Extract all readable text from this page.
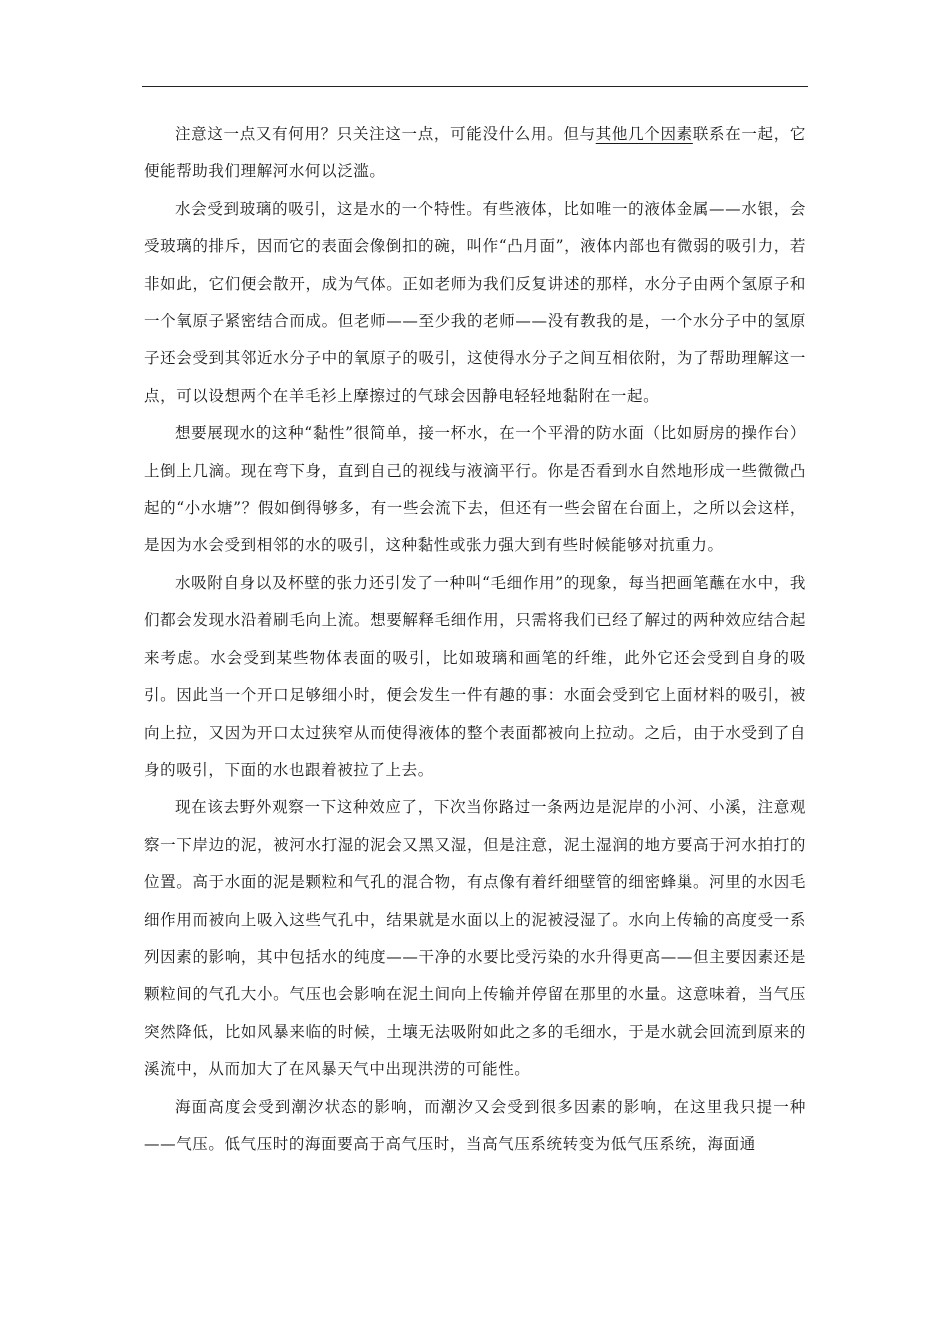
注意这一点又有何用？只关注这一点，可能没什么用。但与其他几个因素联系在一起，它便能帮助我们理解河水何以泛滥。

水会受到玻璃的吸引，这是水的一个特性。有些液体，比如唯一的液体金属——水银，会受玻璃的排斥，因而它的表面会像倒扣的碗，叫作“凸月面”，液体内部也有微弱的吸引力，若非如此，它们便会散开，成为气体。正如老师为我们反复讲述的那样，水分子由两个氢原子和一个氧原子紧密结合而成。但老师——至少我的老师——没有教我的是，一个水分子中的氢原子还会受到其邻近水分子中的氧原子的吸引，这使得水分子之间互相依附，为了帮助理解这一点，可以设想两个在羊毛衫上摩擦过的气球会因静电轻轻地黏附在一起。

想要展现水的这种“黏性”很简单，接一杯水，在一个平滑的防水面（比如厨房的操作台）上倒上几滴。现在弯下身，直到自己的视线与液滴平行。你是否看到水自然地形成一些微微凸起的“小水塘”？假如倒得够多，有一些会流下去，但还有一些会留在台面上，之所以会这样，是因为水会受到相邻的水的吸引，这种黏性或张力强大到有些时候能够对抗重力。

水吸附自身以及杯壁的张力还引发了一种叫“毛细作用”的现象，每当把画笔蘸在水中，我们都会发现水沿着刷毛向上流。想要解释毛细作用，只需将我们已经了解过的两种效应结合起来考虑。水会受到某些物体表面的吸引，比如玻璃和画笔的纤维，此外它还会受到自身的吸引。因此当一个开口足够细小时，便会发生一件有趣的事：水面会受到它上面材料的吸引，被向上拉，又因为开口太过狭窄从而使得液体的整个表面都被向上拉动。之后，由于水受到了自身的吸引，下面的水也跟着被拉了上去。

现在该去野外观察一下这种效应了，下次当你路过一条两边是泥岸的小河、小溪，注意观察一下岸边的泥，被河水打湿的泥会又黑又湿，但是注意，泥土湿润的地方要高于河水拍打的位置。高于水面的泥是颗粒和气孔的混合物，有点像有着纤细壁管的细密蜂巢。河里的水因毛细作用而被向上吸入这些气孔中，结果就是水面以上的泥被浸湿了。水向上传输的高度受一系列因素的影响，其中包括水的纯度——干净的水要比受污染的水升得更高——但主要因素还是颗粒间的气孔大小。气压也会影响在泥土间向上传输并停留在那里的水量。这意味着，当气压突然降低，比如风暴来临的时候，土壤无法吸附如此之多的毛细水，于是水就会回流到原来的溪流中，从而加大了在风暴天气中出现洪涝的可能性。

海面高度会受到潮汐状态的影响，而潮汐又会受到很多因素的影响，在这里我只提一种——气压。低气压时的海面要高于高气压时，当高气压系统转变为低气压系统，海面通
